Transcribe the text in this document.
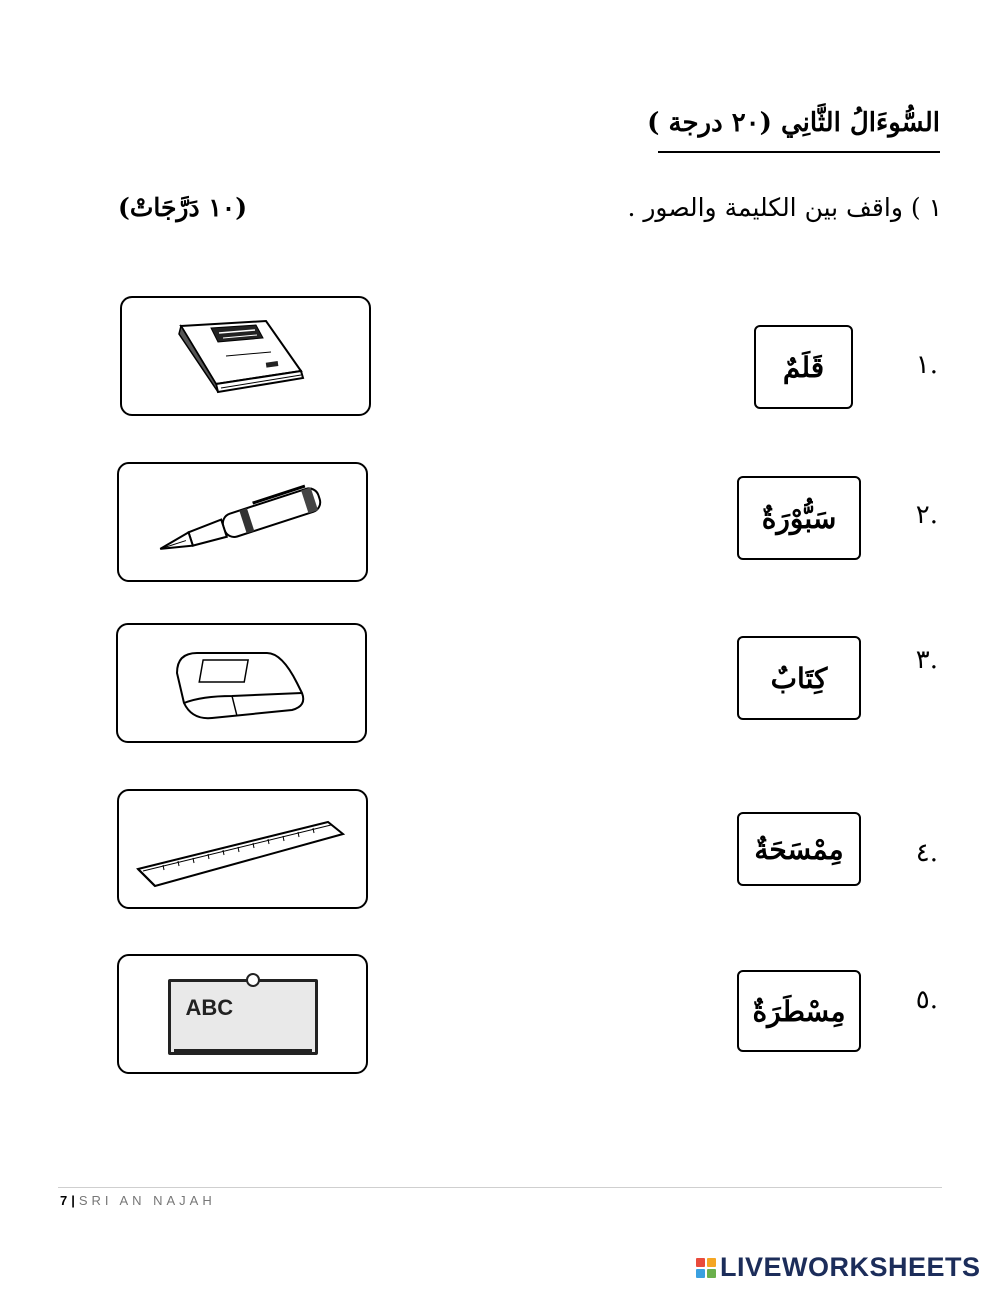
السُّوءَالُ الثَّانِي (٢٠ درجة )
١ ) واقف بين الكليمة والصور .
(١٠ دَرَّجَاتْ)
.١
قَلَمٌ
.٢
سَبُّوْرَةٌ
.٣
كِتَابٌ
.٤
مِمْسَحَةٌ
.٥
مِسْطَرَةٌ
ABC
7 | SRI AN NAJAH
LIVEWORKSHEETS
